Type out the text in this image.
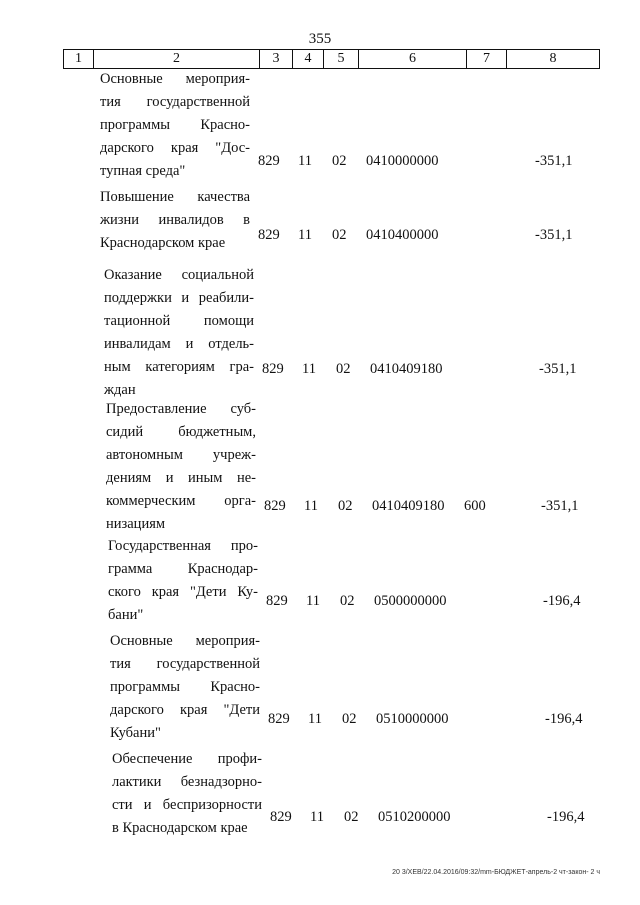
355
1	2	3	4	5	6	7	8
Основные мероприя-
тия государственной
программы Красно-
дарского края "Дос-
тупная среда"
829 11 02 0410000000	-351,1
Повышение качества
жизни инвалидов в
Краснодарском крае	829 11 02 0410400000	-351,1
Оказание социальной
поддержки и реабили-
тационной помощи
инвалидам и отдель-
ным категориям гра-
ждан
829 11 02 0410409180	-351,1
Предоставление суб-
сидий бюджетным,
автономным учреж-
дениям и иным не-
коммерческим орга-
низациям
829 11 02 0410409180 600	-351,1
Государственная про-
грамма Краснодар-
ского края "Дети Ку-
бани"
829 11 02 0500000000	-196,4
Основные мероприя-
тия государственной
программы Красно-
дарского края "Дети
Кубани"
829 11 02 0510000000	-196,4
Обеспечение профи-
лактики безнадзорно-
сти и беспризорности
в Краснодарском крае
829 11 02 0510200000	-196,4
20 3/ХЕВ/22.04.2016/09:32/mm-БЮДЖЕТ-апрель-2 чт-закон- 2 ч
